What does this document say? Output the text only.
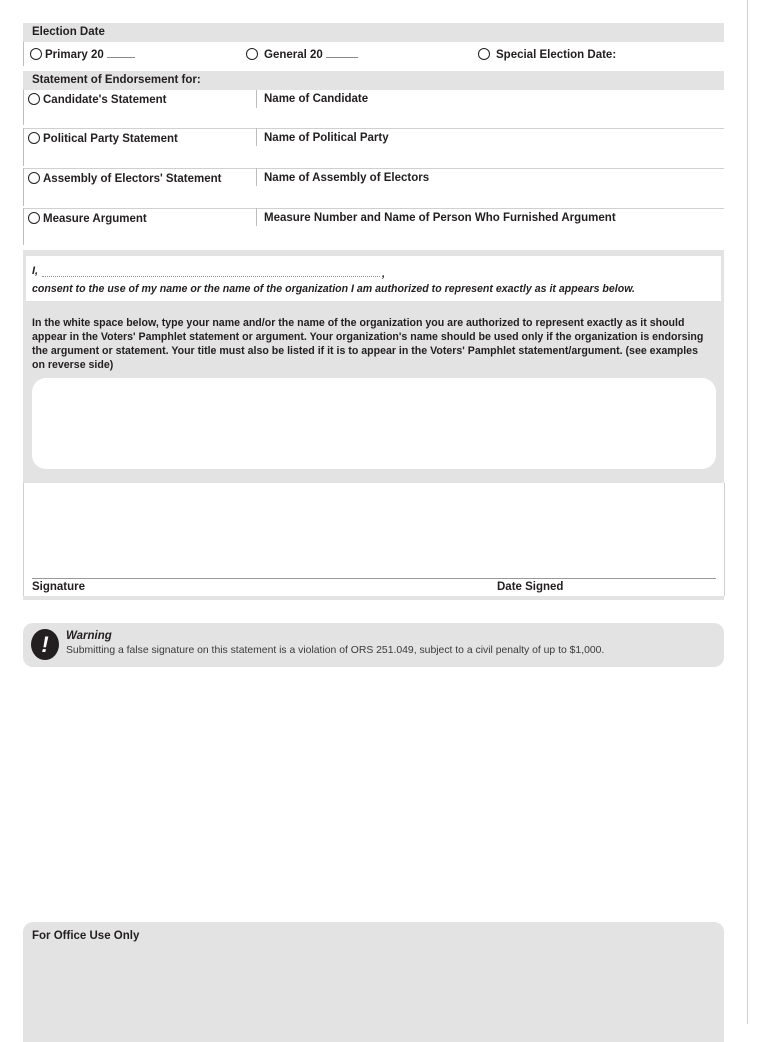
Election Date
Primary 20	General 20	Special Election Date:
Statement of Endorsement for:
Candidate's Statement	Name of Candidate
Political Party Statement	Name of Political Party
Assembly of Electors' Statement	Name of Assembly of Electors
Measure Argument	Measure Number and Name of Person Who Furnished Argument
I,	,
consent to the use of my name or the name of the organization I am authorized to represent exactly as it appears below.
In the white space below, type your name and/or the name of the organization you are authorized to represent exactly as it should appear in the Voters' Pamphlet statement or argument. Your organization's name should be used only if the organization is endorsing the argument or statement. Your title must also be listed if it is to appear in the Voters' Pamphlet statement/argument. (see examples on reverse side)
Signature	Date Signed
!	Warning
Submitting a false signature on this statement is a violation of ORS 251.049, subject to a civil penalty of up to $1,000.
For Office Use Only
